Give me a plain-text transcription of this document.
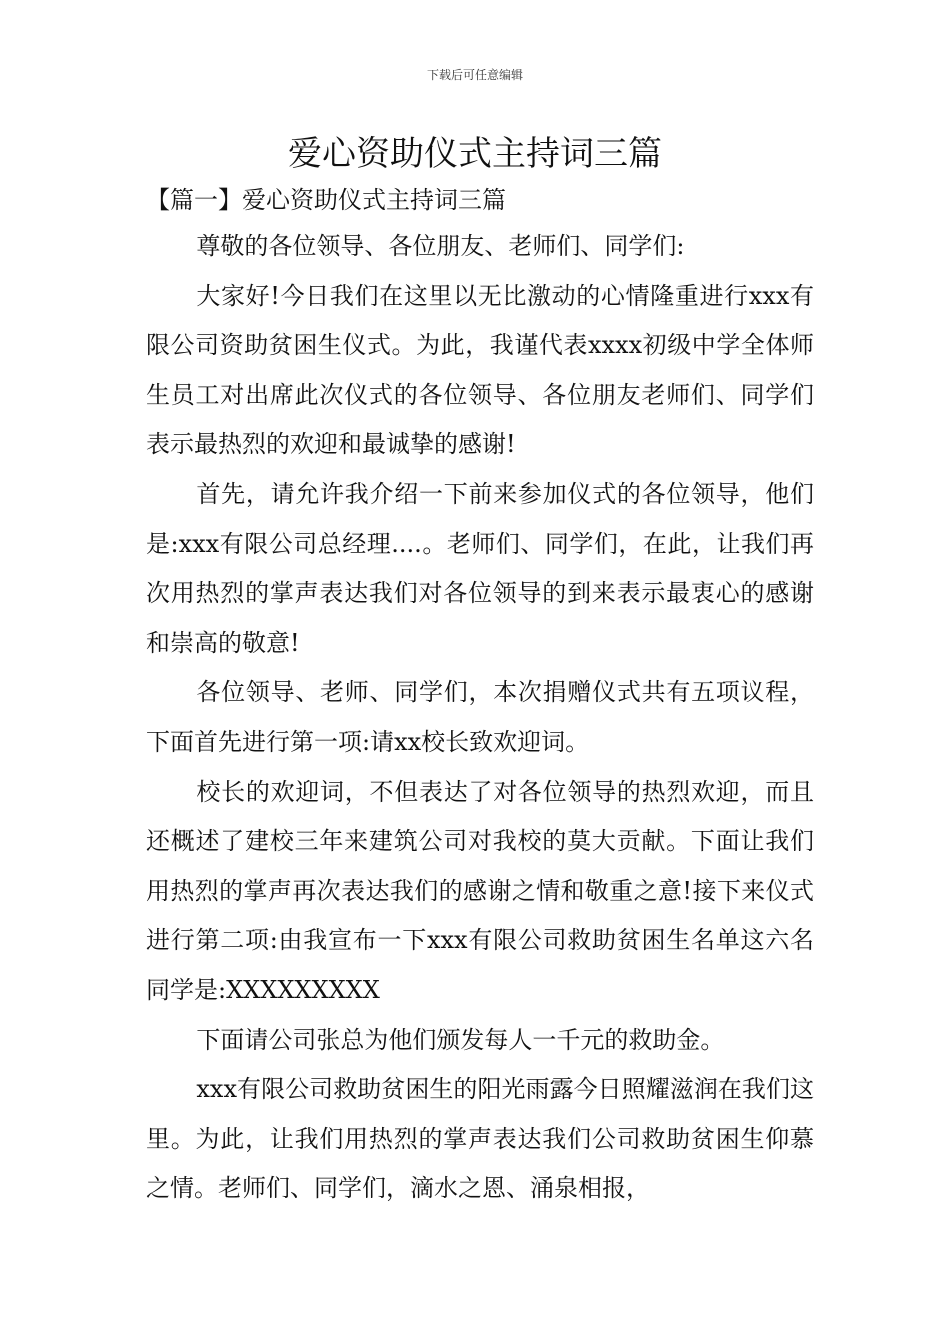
下载后可任意编辑
爱心资助仪式主持词三篇
【篇一】爱心资助仪式主持词三篇

尊敬的各位领导、各位朋友、老师们、同学们:

大家好!今日我们在这里以无比激动的心情隆重进行xxx有限公司资助贫困生仪式。为此，我谨代表xxxx初级中学全体师生员工对出席此次仪式的各位领导、各位朋友老师们、同学们表示最热烈的欢迎和最诚挚的感谢!

首先，请允许我介绍一下前来参加仪式的各位领导，他们是:xxx有限公司总经理....。老师们、同学们，在此，让我们再次用热烈的掌声表达我们对各位领导的到来表示最衷心的感谢和崇高的敬意!

各位领导、老师、同学们，本次捐赠仪式共有五项议程，下面首先进行第一项:请xx校长致欢迎词。

校长的欢迎词，不但表达了对各位领导的热烈欢迎，而且还概述了建校三年来建筑公司对我校的莫大贡献。下面让我们用热烈的掌声再次表达我们的感谢之情和敬重之意!接下来仪式进行第二项:由我宣布一下xxx有限公司救助贫困生名单这六名同学是:XXXXXXXXX

下面请公司张总为他们颁发每人一千元的救助金。

xxx有限公司救助贫困生的阳光雨露今日照耀滋润在我们这里。为此，让我们用热烈的掌声表达我们公司救助贫困生仰慕之情。老师们、同学们，滴水之恩、涌泉相报，
